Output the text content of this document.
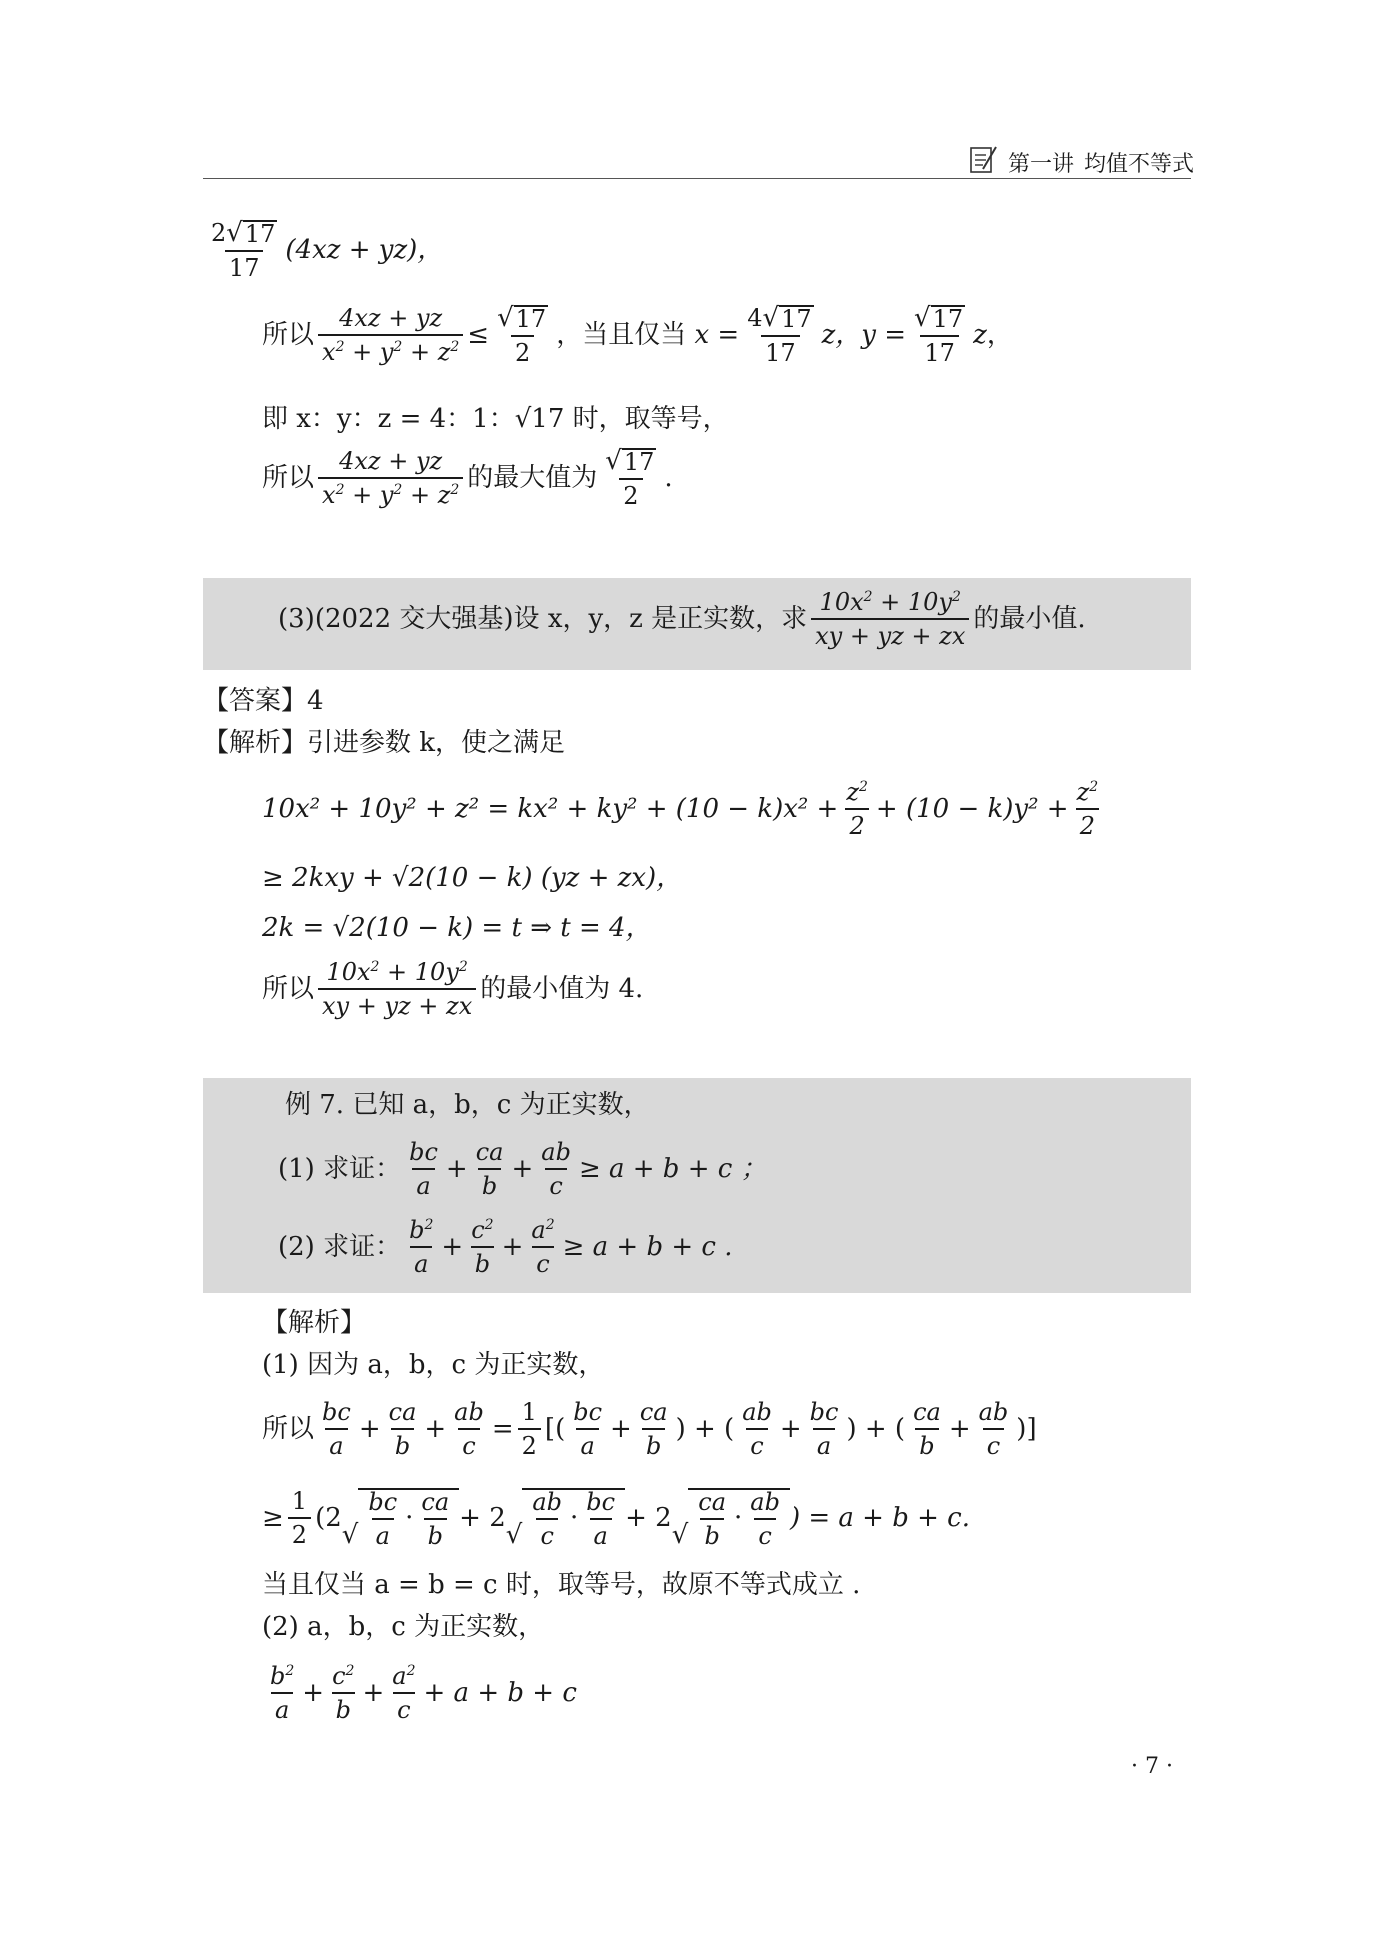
第一讲 均值不等式
$\frac{2 √ 17}{17} (4xz + yz)$，
所以 $\frac{4xz + yz}{x^2 + y^2 + z^2} \le \frac{√ 17}{2}$ ，当且仅当 $x = \frac{4 √ 17}{17}$ z，$y = \frac{√ 17}{17}$ z ，
即 x：y：z = 4：1：√17 时，取等号，
所以 $\frac{4xz + yz}{x^2 + y^2 + z^2}$ 的最大值为 $\frac{√ 17}{2}$ .
(3)(2022 交大强基)设 x，y，z 是正实数，求 $\frac{10x^2 + 10y^2}{xy + yz + zx}$ 的最小值.
【答案】 4
【解析】 引进参数 k，使之满足
$10x^2 + 10y^2 + z^2 = kx^2 + ky^2 + (10 - k)x^2 + \frac{z^2}{2} + (10 - k)y^2 + \frac{z^2}{2}$
≥ 2kxy + √2(10 − k) (yz + zx)，
2k = √2(10 − k) = t ⇒ t = 4，
所以 $\frac{10x^2 + 10y^2}{xy + yz + zx}$ 的最小值为 4.
例 7. 已知 a，b，c 为正实数，
(1) 求证： $\frac{bc}{a} + \frac{ca}{b} + \frac{ab}{c} \ge a + b + c$ ；
(2) 求证： $\frac{b^2}{a} + \frac{c^2}{b} + \frac{a^2}{c} \ge a + b + c$ .
【解析】
(1) 因为 a，b，c 为正实数，
所以 $\frac{bc}{a} + \frac{ca}{b} + \frac{ab}{c} = \frac{1}{2}$ [( $\frac{bc}{a} + \frac{ca}{b}$ ) + ( $\frac{ab}{c} + \frac{bc}{a}$ ) + ( $\frac{ca}{b} + \frac{ab}{c}$ )]
≥ $\frac{1}{2} (2$
√ $\frac{bc}{a} \cdot \frac{ca}{b} + 2$
√ $\frac{ab}{c} \cdot \frac{bc}{a} + 2$
√ $\frac{ca}{b} \cdot \frac{ab}{c}$ ) = a + b + c.
当且仅当 a = b = c 时，取等号，故原不等式成立 .
(2) a，b，c 为正实数，
$\frac{b^2}{a} + \frac{c^2}{b} + \frac{a^2}{c} + a + b + c$
· 7 ·
